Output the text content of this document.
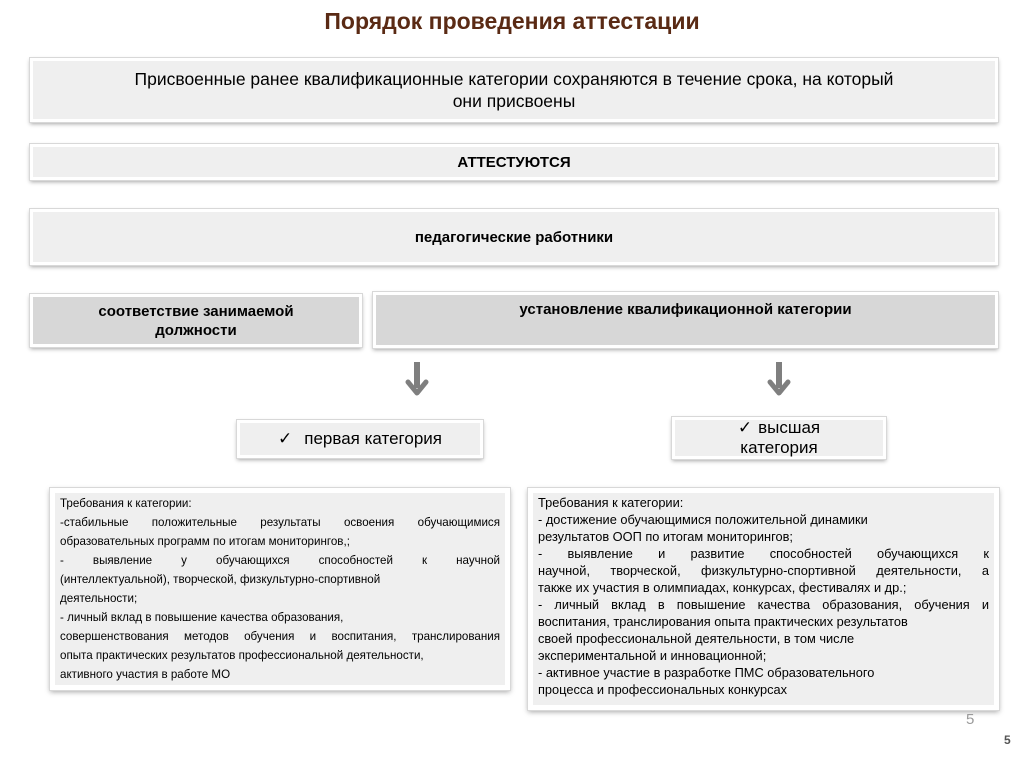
Порядок проведения аттестации
Присвоенные ранее квалификационные категории сохраняются в течение срока, на который
они присвоены
АТТЕСТУЮТСЯ
педагогические работники
соответствие занимаемой
должности
установление квалификационной категории
✓ первая категория
✓ высшая
категория

Требования к категории:

-стабильные положительные результаты освоения обучающимися

образовательных программ по итогам мониторингов,;

- выявление у обучающихся способностей к научной

(интеллектуальной), творческой, физкультурно-спортивной

деятельности;

- личный вклад в повышение качества образования,

совершенствования методов обучения и воспитания, транслирования

опыта практических результатов профессиональной деятельности,

активного участия в работе МО

Требования к категории:

- достижение обучающимися положительной динамики

результатов ООП по итогам мониторингов;

- выявление и развитие способностей обучающихся к

научной, творческой, физкультурно-спортивной деятельности, а

также их участия в олимпиадах, конкурсах, фестивалях и др.;

- личный вклад в повышение качества образования, обучения и

воспитания, транслирования опыта практических результатов

своей профессиональной деятельности, в том числе

экспериментальной и инновационной;

- активное участие в разработке ПМС образовательного

процесса и профессиональных конкурсах

5
5
